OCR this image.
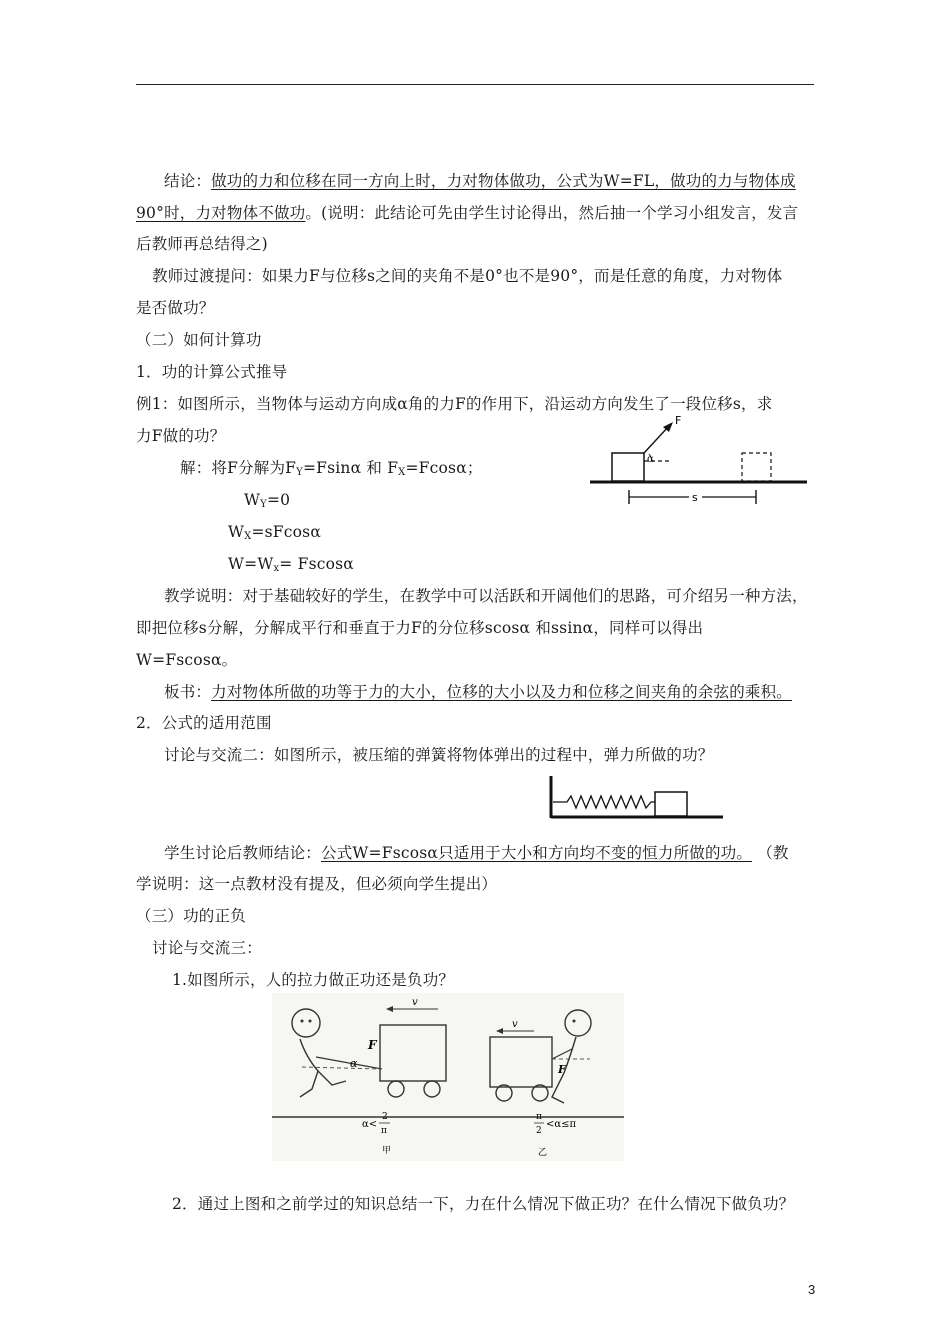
结论：做功的力和位移在同一方向上时，力对物体做功，公式为W=FL，做功的力与物体成
90°时，力对物体不做功。(说明：此结论可先由学生讨论得出，然后抽一个学习小组发言，发言
后教师再总结得之)
教师过渡提问：如果力F与位移s之间的夹角不是0°也不是90°，而是任意的角度，力对物体
是否做功？
（二）如何计算功
1．功的计算公式推导
例1：如图所示，当物体与运动方向成α角的力F的作用下，沿运动方向发生了一段位移s，求
力F做的功？
解：将F分解为$F_Y=Fsin\alpha$ 和 $F_X=Fcos\alpha$；
$W_Y=0$
$W_X=sFcos\alpha$
$W=W_x= Fscos\alpha$
F
α
s
教学说明：对于基础较好的学生，在教学中可以活跃和开阔他们的思路，可介绍另一种方法，
即把位移s分解，分解成平行和垂直于力F的分位移scosα 和ssinα，同样可以得出
W=Fscosα。
板书：力对物体所做的功等于力的大小，位移的大小以及力和位移之间夹角的余弦的乘积。
2．公式的适用范围
讨论与交流二：如图所示，被压缩的弹簧将物体弹出的过程中，弹力所做的功？
学生讨论后教师结论：公式W=Fscosα只适用于大小和方向均不变的恒力所做的功。 （教
学说明：这一点教材没有提及，但必须向学生提出）
（三）功的正负
讨论与交流三：
1.如图所示，人的拉力做正功还是负功？
α
F
v
F
v
α<
2
π
甲
π
2
<α≤π
乙
2．通过上图和之前学过的知识总结一下，力在什么情况下做正功？在什么情况下做负功？
3
